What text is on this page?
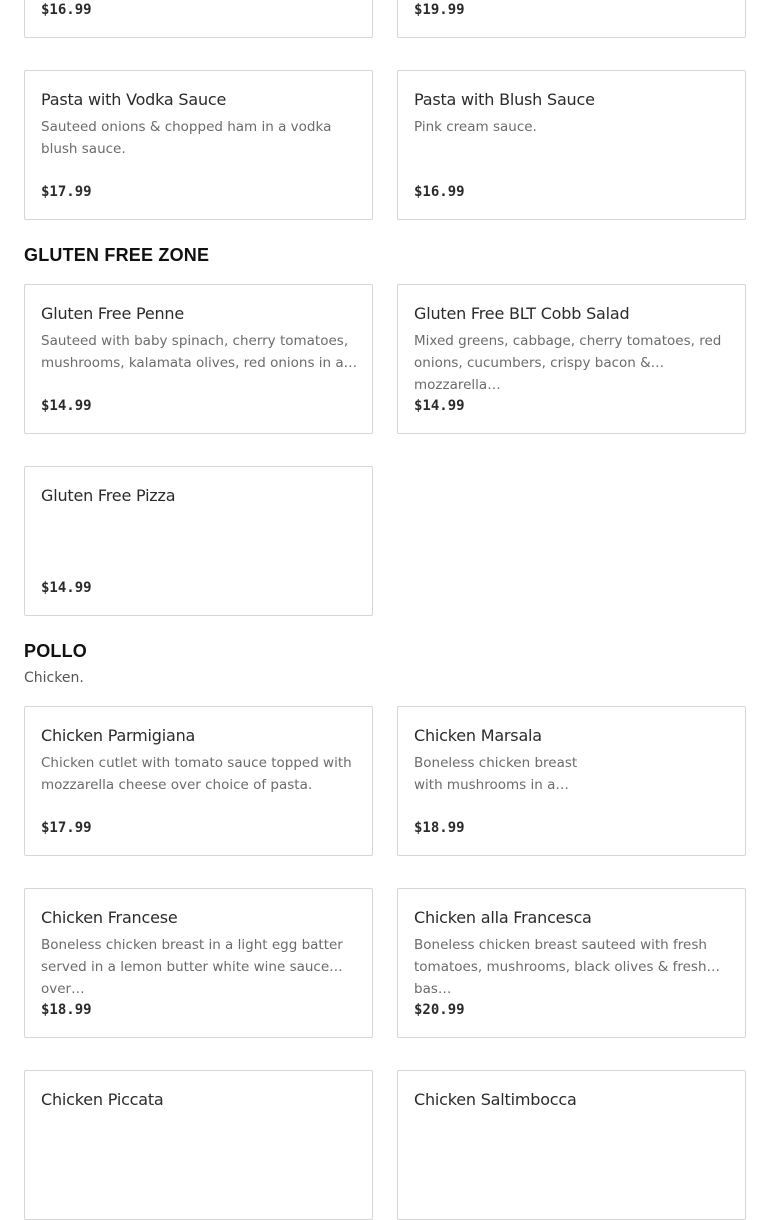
$16.99	$19.99
Pasta with Vodka Sauce
Sauteed onions & chopped ham in a vodka blush sauce.
$17.99
Pasta with Blush Sauce
Pink cream sauce.
$16.99
GLUTEN FREE ZONE
Gluten Free Penne
Sauteed with baby spinach, cherry tomatoes, mushrooms, kalamata olives, red onions in a…
$14.99
Gluten Free BLT Cobb Salad
Mixed greens, cabbage, cherry tomatoes, red onions, cucumbers, crispy bacon & mozzarella…
$14.99
Gluten Free Pizza
$14.99
POLLO
Chicken.
Chicken Parmigiana
Chicken cutlet with tomato sauce topped with mozzarella cheese over choice of pasta.
$17.99
Chicken Marsala
Boneless chicken breast with mushrooms in a…
$18.99
Chicken Francese
Boneless chicken breast in a light egg batter served in a lemon butter white wine sauce over…
$18.99
Chicken alla Francesca
Boneless chicken breast sauteed with fresh tomatoes, mushrooms, black olives & fresh bas…
$20.99
Chicken Piccata	Chicken Saltimbocca
